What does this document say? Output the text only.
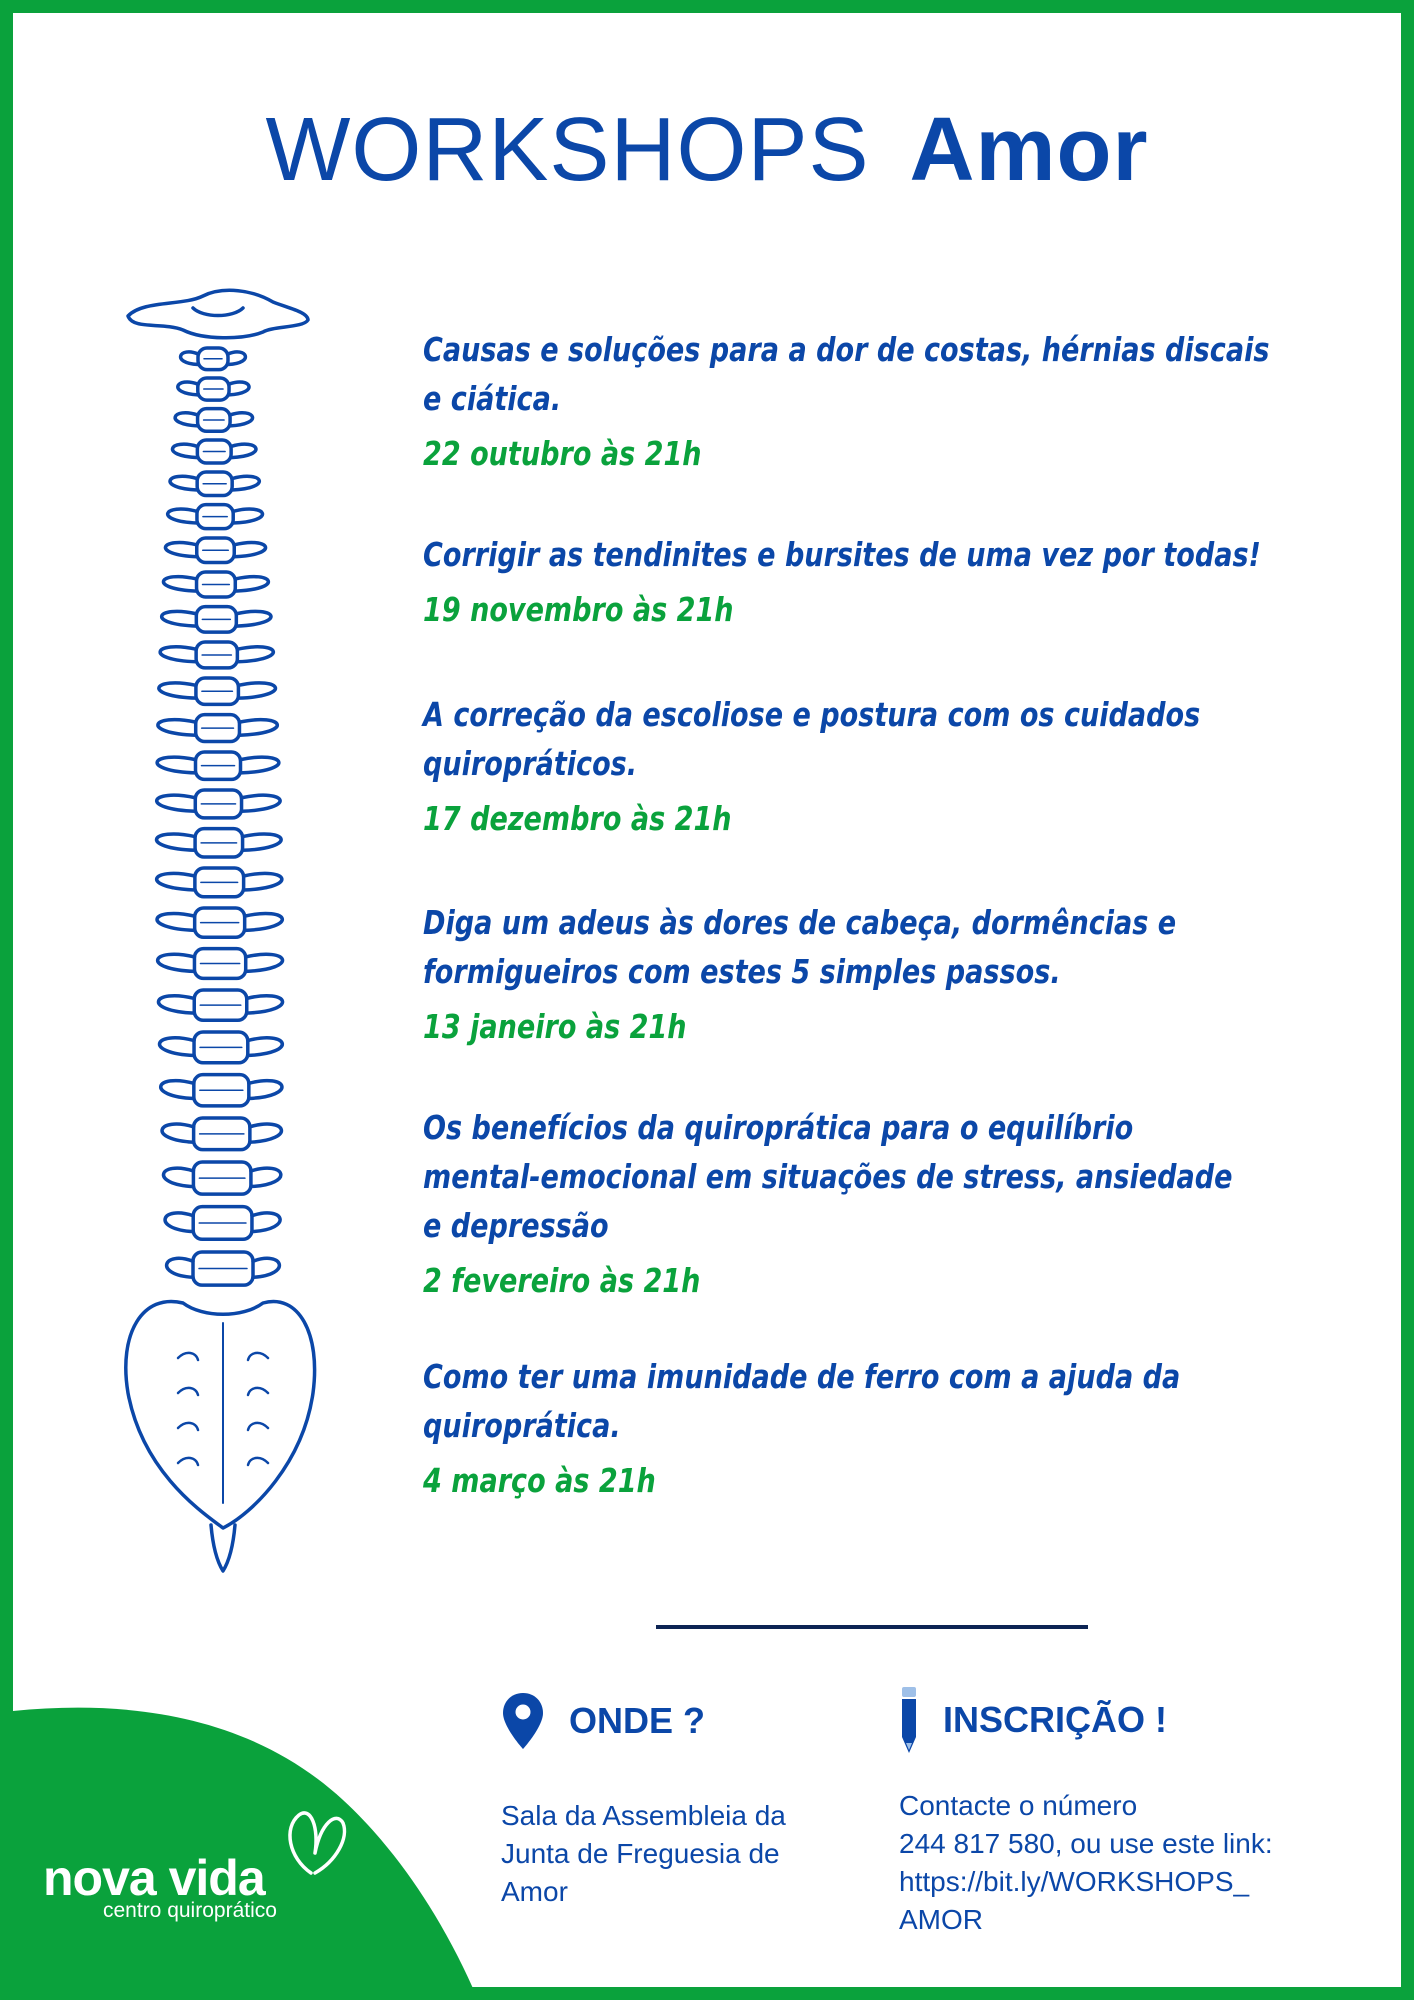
WORKSHOPS Amor
Causas e soluções para a dor de costas, hérnias discais
e ciática.
22 outubro às 21h
Corrigir as tendinites e bursites de uma vez por todas!
19 novembro às 21h
A correção da escoliose e postura com os cuidados
quiropráticos.
17 dezembro às 21h
Diga um adeus às dores de cabeça, dormências e
formigueiros com estes 5 simples passos.
13 janeiro às 21h
Os benefícios da quiroprática para o equilíbrio
mental-emocional em situações de stress, ansiedade
e depressão
2 fevereiro às 21h
Como ter uma imunidade de ferro com a ajuda da
quiroprática.
4 março às 21h
nova vida
centro quiroprático
ONDE ?
Sala da Assembleia da
Junta de Freguesia de
Amor
INSCRIÇÃO !
Contacte o número
244 817 580, ou use este link:
https://bit.ly/WORKSHOPS_
AMOR
